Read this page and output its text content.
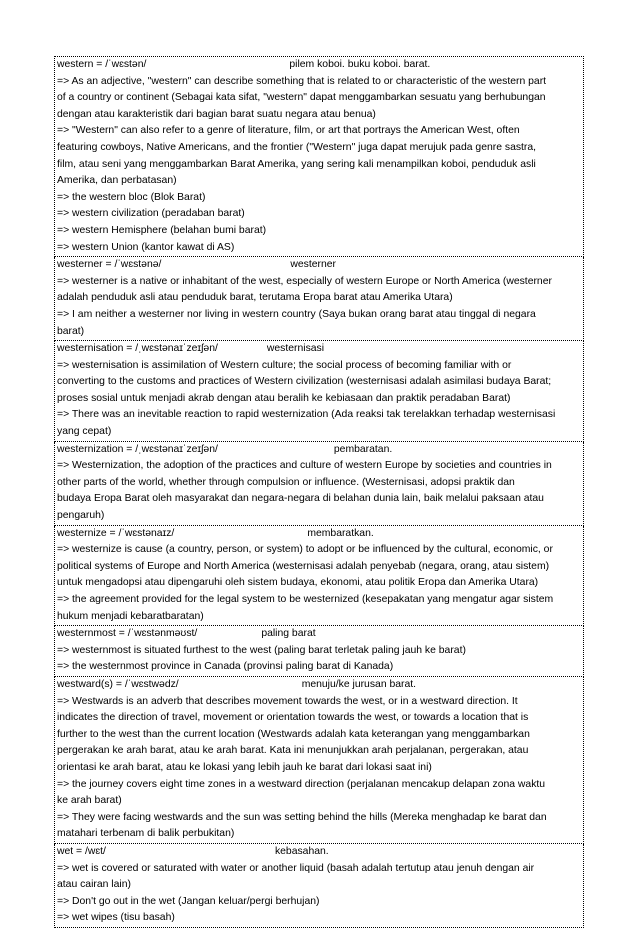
western = /ˈwɛstən/	pilem koboi. buku koboi. barat.
=> As an adjective, "western" can describe something that is related to or characteristic of the western part
of a country or continent (Sebagai kata sifat, "western" dapat menggambarkan sesuatu yang berhubungan
dengan atau karakteristik dari bagian barat suatu negara atau benua)
=> "Western" can also refer to a genre of literature, film, or art that portrays the American West, often
featuring cowboys, Native Americans, and the frontier ("Western" juga dapat merujuk pada genre sastra,
film, atau seni yang menggambarkan Barat Amerika, yang sering kali menampilkan koboi, penduduk asli
Amerika, dan perbatasan)
=> the western bloc (Blok Barat)
=> western civilization (peradaban barat)
=> western Hemisphere (belahan bumi barat)
=> western Union (kantor kawat di AS)
westerner = /ˈwɛstənə/	westerner
=> westerner is a native or inhabitant of the west, especially of western Europe or North America (westerner
adalah penduduk asli atau penduduk barat, terutama Eropa barat atau Amerika Utara)
=> I am neither a westerner nor living in western country (Saya bukan orang barat atau tinggal di negara
barat)
westernisation = /ˌwɛstənaɪˈzeɪʃən/	westernisasi
=> westernisation is assimilation of Western culture; the social process of becoming familiar with or
converting to the customs and practices of Western civilization (westernisasi adalah asimilasi budaya Barat;
proses sosial untuk menjadi akrab dengan atau beralih ke kebiasaan dan praktik peradaban Barat)
=> There was an inevitable reaction to rapid westernization (Ada reaksi tak terelakkan terhadap westernisasi
yang cepat)
westernization = /ˌwɛstənaɪˈzeɪʃən/	pembaratan.
=> Westernization, the adoption of the practices and culture of western Europe by societies and countries in
other parts of the world, whether through compulsion or influence. (Westernisasi, adopsi praktik dan
budaya Eropa Barat oleh masyarakat dan negara-negara di belahan dunia lain, baik melalui paksaan atau
pengaruh)
westernize = /ˈwɛstənaɪz/	membaratkan.
=> westernize is cause (a country, person, or system) to adopt or be influenced by the cultural, economic, or
political systems of Europe and North America (westernisasi adalah penyebab (negara, orang, atau sistem)
untuk mengadopsi atau dipengaruhi oleh sistem budaya, ekonomi, atau politik Eropa dan Amerika Utara)
=> the agreement provided for the legal system to be westernized (kesepakatan yang mengatur agar sistem
hukum menjadi kebaratbaratan)
westernmost = /ˈwɛstənməʊst/	paling barat
=> westernmost is situated furthest to the west (paling barat terletak paling jauh ke barat)
=> the westernmost province in Canada (provinsi paling barat di Kanada)
westward(s) = /ˈwɛstwədz/	menuju/ke jurusan barat.
=> Westwards is an adverb that describes movement towards the west, or in a westward direction. It
indicates the direction of travel, movement or orientation towards the west, or towards a location that is
further to the west than the current location (Westwards adalah kata keterangan yang menggambarkan
pergerakan ke arah barat, atau ke arah barat. Kata ini menunjukkan arah perjalanan, pergerakan, atau
orientasi ke arah barat, atau ke lokasi yang lebih jauh ke barat dari lokasi saat ini)
=> the journey covers eight time zones in a westward direction (perjalanan mencakup delapan zona waktu
ke arah barat)
=> They were facing westwards and the sun was setting behind the hills (Mereka menghadap ke barat dan
matahari terbenam di balik perbukitan)
wet = /wɛt/	kebasahan.
=> wet is covered or saturated with water or another liquid (basah adalah tertutup atau jenuh dengan air
atau cairan lain)
=> Don't go out in the wet (Jangan keluar/pergi berhujan)
=> wet wipes (tisu basah)
